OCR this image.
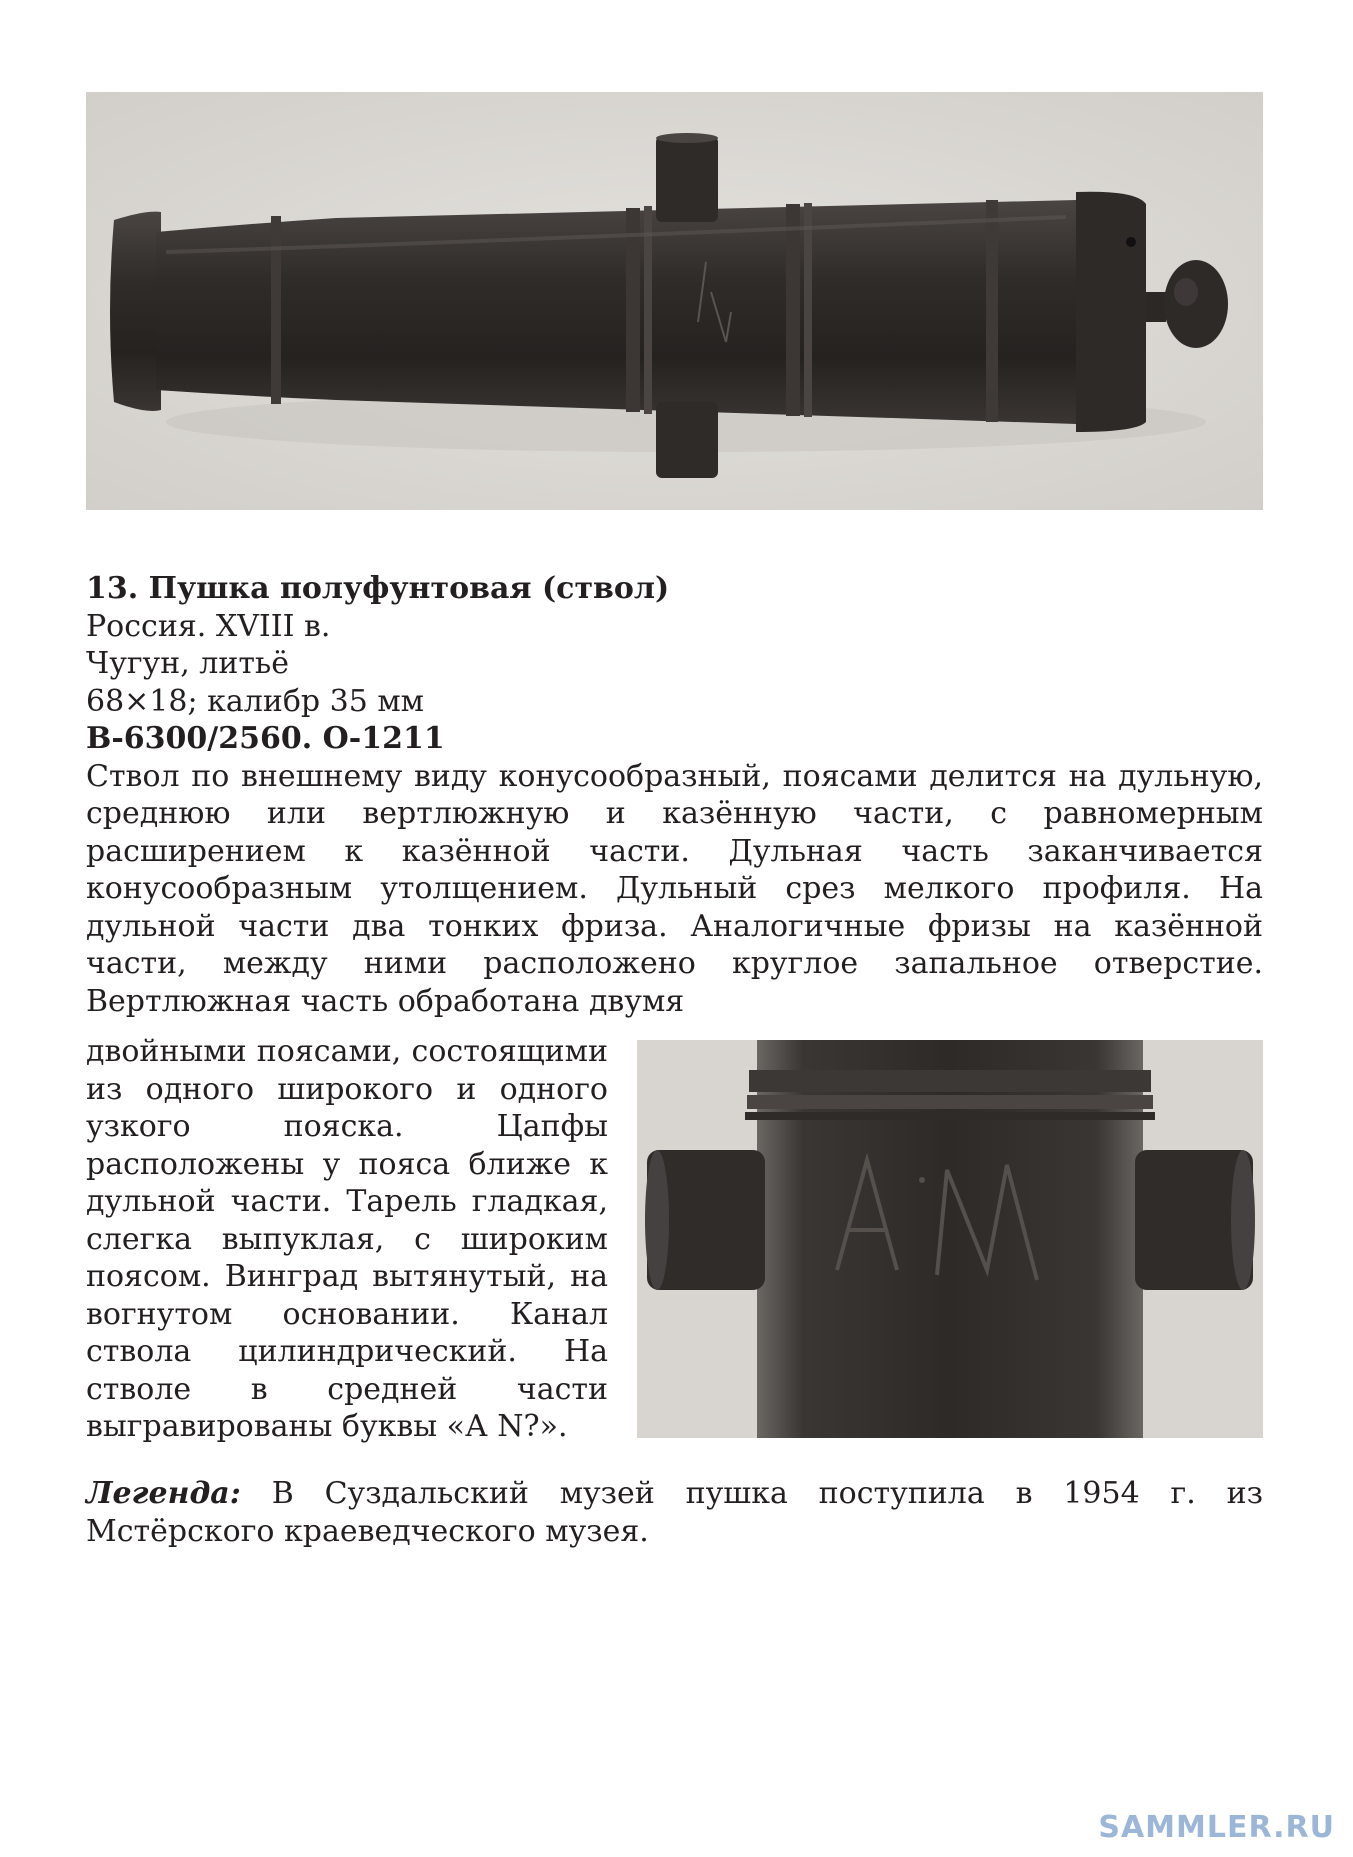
13. Пушка полуфунтовая (ствол)
Россия. XVIII в.
Чугун, литьё
68×18; калибр 35 мм
В-6300/2560. О-1211
Ствол по внешнему виду конусообразный, поясами делится на дульную, среднюю или вертлюжную и казённую части, с равномерным расширением к казённой части. Дульная часть заканчивается конусообразным утолщением. Дульный срез мелкого профиля. На дульной части два тонких фриза. Аналогичные фризы на казённой части, между ними расположено круглое запальное отверстие. Вертлюжная часть обработана двумя
двойными поясами, состоящими из одного широкого и одного узкого пояска. Цапфы расположены у пояса ближе к дульной части. Тарель гладкая, слегка выпуклая, с широким поясом. Винград вытянутый, на вогнутом основании. Канал ствола цилиндрический. На стволе в средней части выгравированы буквы «А N?».
Легенда: В Суздальский музей пушка поступила в 1954 г. из Мстёрского краеведческого музея.
SAMMLER.RU
